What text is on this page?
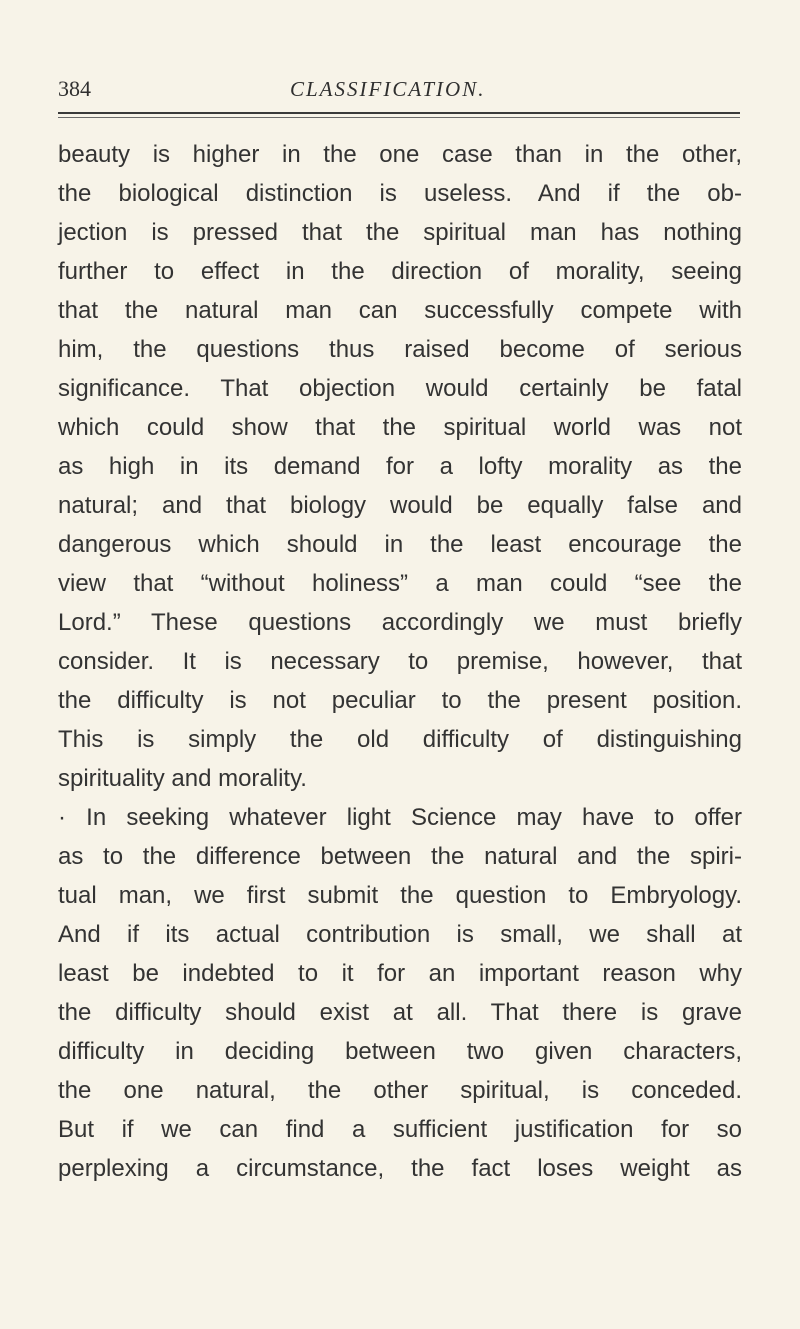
384	CLASSIFICATION.
beauty is higher in the one case than in the other,
the biological distinction is useless. And if the ob-
jection is pressed that the spiritual man has nothing
further to effect in the direction of morality, seeing
that the natural man can successfully compete with
him, the questions thus raised become of serious
significance. That objection would certainly be fatal
which could show that the spiritual world was not
as high in its demand for a lofty morality as the
natural; and that biology would be equally false and
dangerous which should in the least encourage the
view that “without holiness” a man could “see the
Lord.” These questions accordingly we must briefly
consider. It is necessary to premise, however, that
the difficulty is not peculiar to the present position.
This is simply the old difficulty of distinguishing
spirituality and morality.
· In seeking whatever light Science may have to offer
as to the difference between the natural and the spiri-
tual man, we first submit the question to Embryology.
And if its actual contribution is small, we shall at
least be indebted to it for an important reason why
the difficulty should exist at all. That there is grave
difficulty in deciding between two given characters,
the one natural, the other spiritual, is conceded.
But if we can find a sufficient justification for so
perplexing a circumstance, the fact loses weight as
